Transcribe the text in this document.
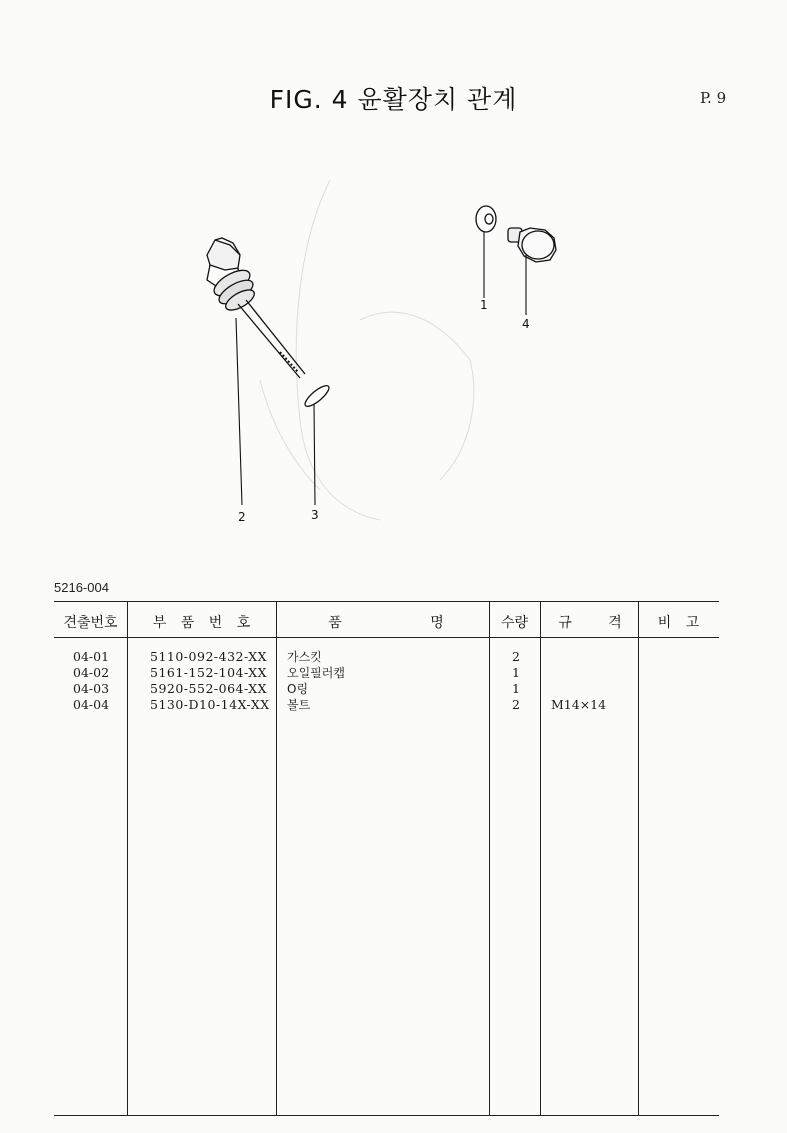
FIG. 4 윤활장치 관계	P. 9
1
2	3
4
5216-004
견출번호	부 품 번 호	품	명	수량	규	격	비 고
04-01	5110-092-432-XX 가스킷	2
04-02	5161-152-104-XX 오일필러캡	1
04-03	5920-552-064-XX O링	1
04-04	5130-D10-14X-XX 볼트	2 M14×14
